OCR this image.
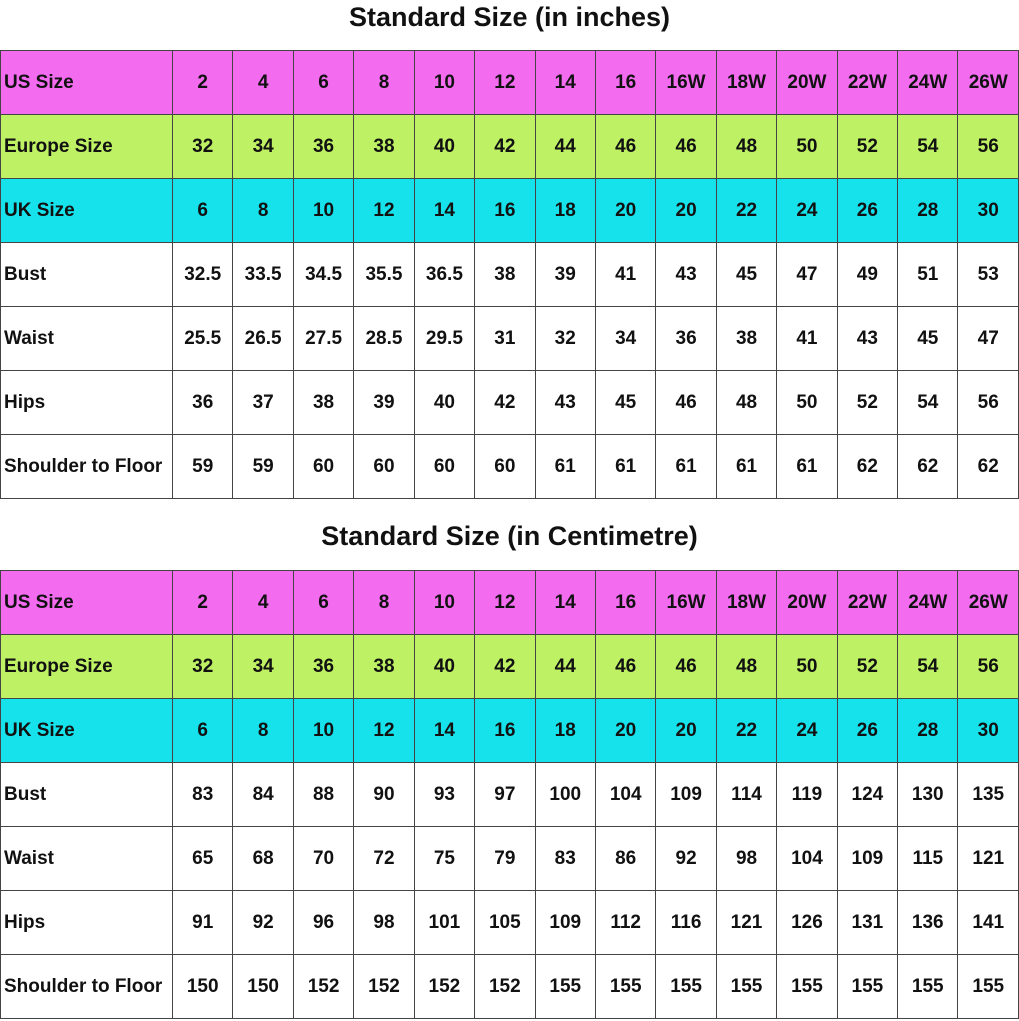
Standard Size (in inches)
US Size	2	4	6	8	10	12	14	16	16W	18W	20W	22W	24W	26W
Europe Size	32	34	36	38	40	42	44	46	46	48	50	52	54	56
UK Size	6	8	10	12	14	16	18	20	20	22	24	26	28	30
Bust	32.5	33.5	34.5	35.5	36.5	38	39	41	43	45	47	49	51	53
Waist	25.5	26.5	27.5	28.5	29.5	31	32	34	36	38	41	43	45	47
Hips	36	37	38	39	40	42	43	45	46	48	50	52	54	56
Shoulder to Floor	59	59	60	60	60	60	61	61	61	61	61	62	62	62
Standard Size (in Centimetre)
US Size	2	4	6	8	10	12	14	16	16W	18W	20W	22W	24W	26W
Europe Size	32	34	36	38	40	42	44	46	46	48	50	52	54	56
UK Size	6	8	10	12	14	16	18	20	20	22	24	26	28	30
Bust	83	84	88	90	93	97	100	104	109	114	119	124	130	135
Waist	65	68	70	72	75	79	83	86	92	98	104	109	115	121
Hips	91	92	96	98	101	105	109	112	116	121	126	131	136	141
Shoulder to Floor	150	150	152	152	152	152	155	155	155	155	155	155	155	155
